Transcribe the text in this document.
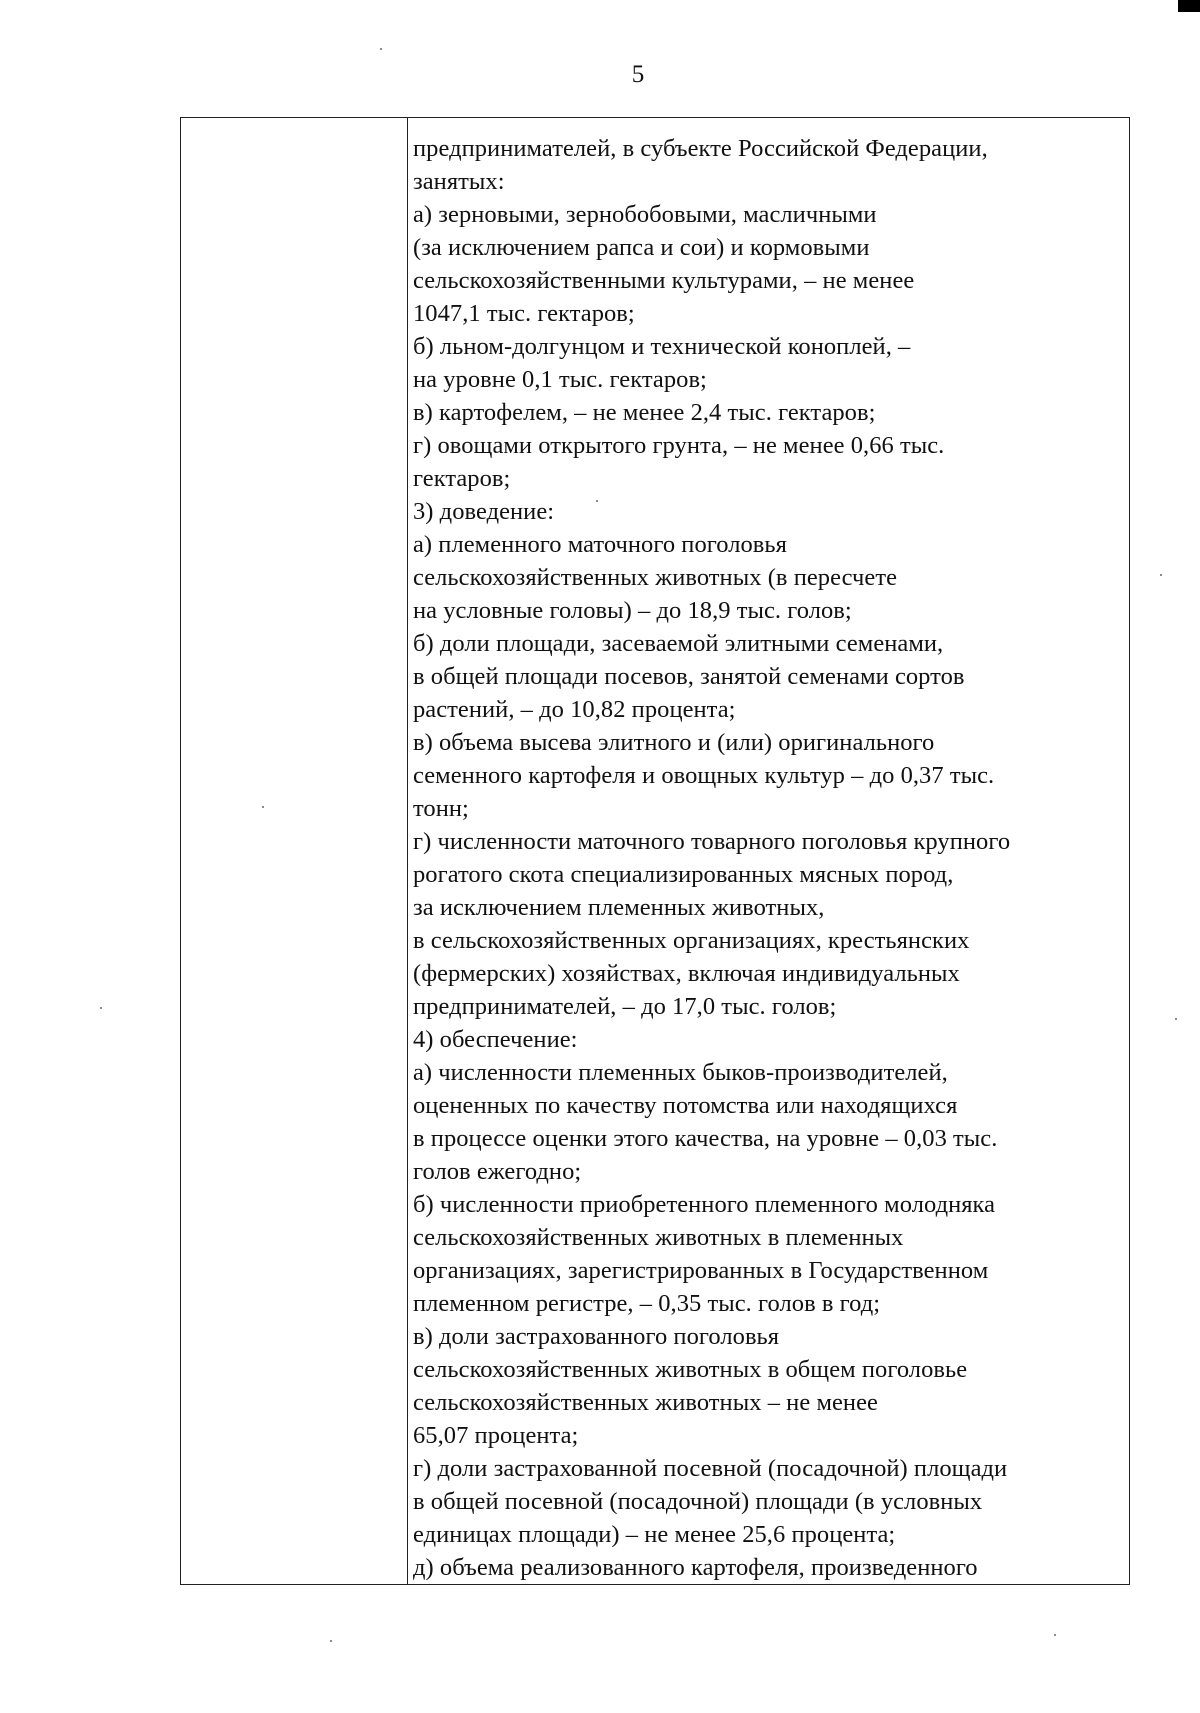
5

предпринимателей, в субъекте Российской Федерации,
занятых:
а) зерновыми, зернобобовыми, масличными
(за исключением рапса и сои) и кормовыми
сельскохозяйственными культурами, – не менее
1047,1 тыс. гектаров;
б) льном-долгунцом и технической коноплей, –
на уровне 0,1 тыс. гектаров;
в) картофелем, – не менее 2,4 тыс. гектаров;
г) овощами открытого грунта, – не менее 0,66 тыс.
гектаров;
3) доведение:
а) племенного маточного поголовья
сельскохозяйственных животных (в пересчете
на условные головы) – до 18,9 тыс. голов;
б) доли площади, засеваемой элитными семенами,
в общей площади посевов, занятой семенами сортов
растений, – до 10,82 процента;
в) объема высева элитного и (или) оригинального
семенного картофеля и овощных культур – до 0,37 тыс.
тонн;
г) численности маточного товарного поголовья крупного
рогатого скота специализированных мясных пород,
за исключением племенных животных,
в сельскохозяйственных организациях, крестьянских
(фермерских) хозяйствах, включая индивидуальных
предпринимателей, – до 17,0 тыс. голов;
4) обеспечение:
а) численности племенных быков-производителей,
оцененных по качеству потомства или находящихся
в процессе оценки этого качества, на уровне – 0,03 тыс.
голов ежегодно;
б) численности приобретенного племенного молодняка
сельскохозяйственных животных в племенных
организациях, зарегистрированных в Государственном
племенном регистре, – 0,35 тыс. голов в год;
в) доли застрахованного поголовья
сельскохозяйственных животных в общем поголовье
сельскохозяйственных животных – не менее
65,07 процента;
г) доли застрахованной посевной (посадочной) площади
в общей посевной (посадочной) площади (в условных
единицах площади) – не менее 25,6 процента;
д) объема реализованного картофеля, произведенного
